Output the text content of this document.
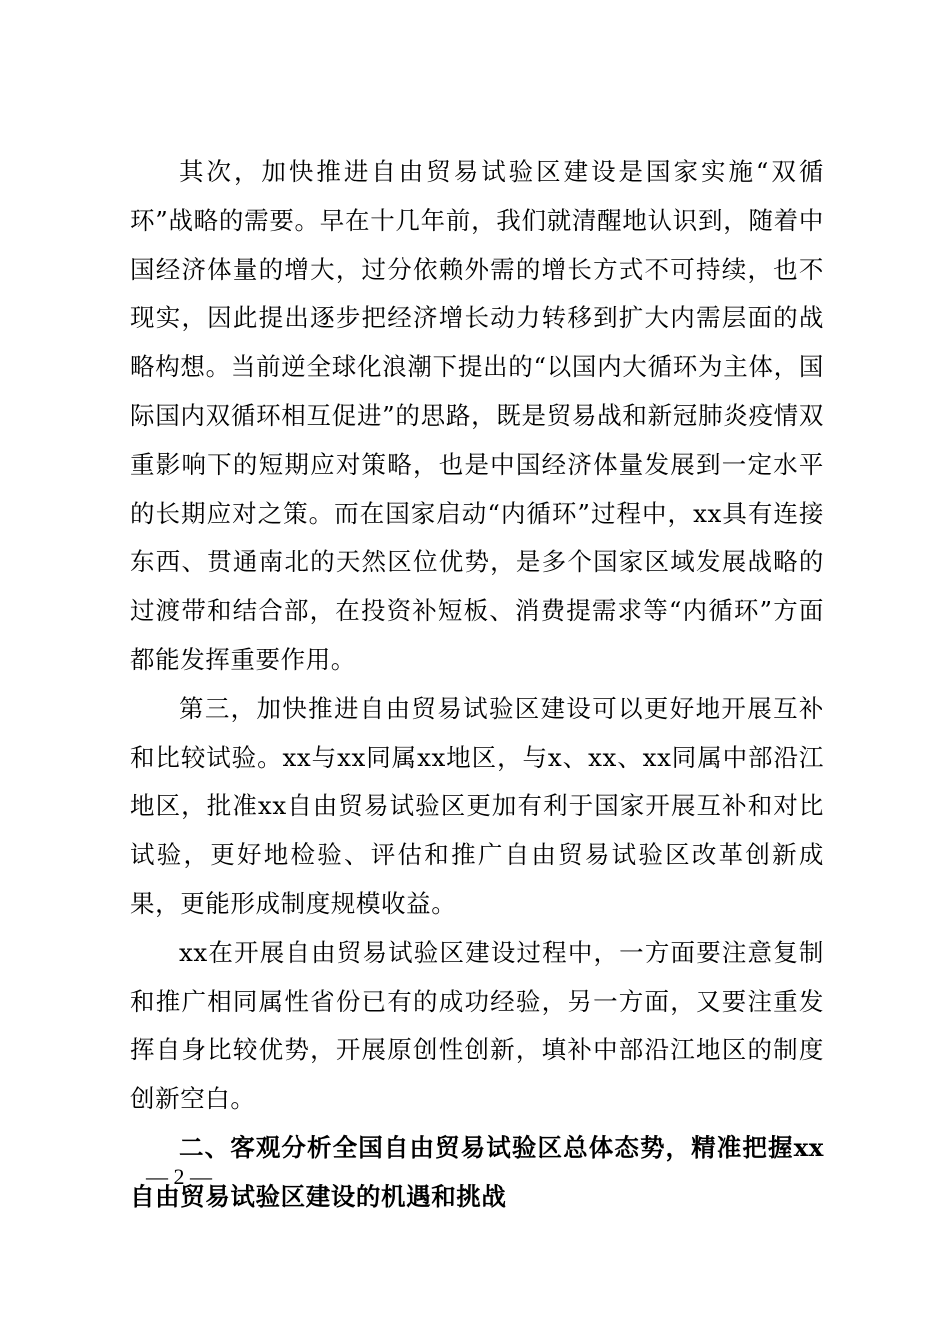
其次，加快推进自由贸易试验区建设是国家实施“双循环”战略的需要。早在十几年前，我们就清醒地认识到，随着中国经济体量的增大，过分依赖外需的增长方式不可持续，也不现实，因此提出逐步把经济增长动力转移到扩大内需层面的战略构想。当前逆全球化浪潮下提出的“以国内大循环为主体，国际国内双循环相互促进”的思路，既是贸易战和新冠肺炎疫情双重影响下的短期应对策略，也是中国经济体量发展到一定水平的长期应对之策。而在国家启动“内循环”过程中，xx具有连接东西、贯通南北的天然区位优势，是多个国家区域发展战略的过渡带和结合部，在投资补短板、消费提需求等“内循环”方面都能发挥重要作用。

第三，加快推进自由贸易试验区建设可以更好地开展互补和比较试验。xx与xx同属xx地区，与x、xx、xx同属中部沿江地区，批准xx自由贸易试验区更加有利于国家开展互补和对比试验，更好地检验、评估和推广自由贸易试验区改革创新成果，更能形成制度规模收益。

xx在开展自由贸易试验区建设过程中，一方面要注意复制和推广相同属性省份已有的成功经验，另一方面，又要注重发挥自身比较优势，开展原创性创新，填补中部沿江地区的制度创新空白。

二、客观分析全国自由贸易试验区总体态势，精准把握xx自由贸易试验区建设的机遇和挑战

— 2 —
